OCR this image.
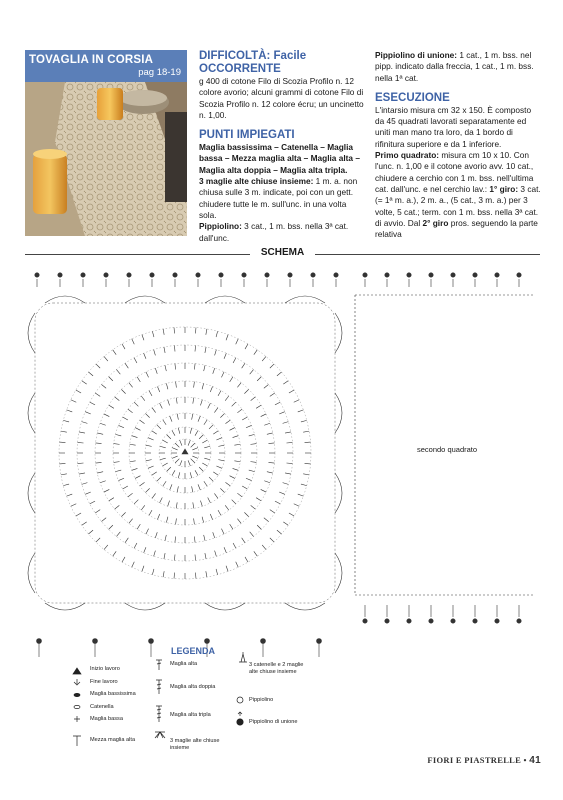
TOVAGLIA IN CORSIA
pag 18-19
DIFFICOLTÀ: Facile
OCCORRENTE

g 400 di cotone Filo di Scozia Profilo n. 12 colore avorio; alcuni grammi di cotone Filo di Scozia Profilo n. 12 colore écru; un uncinetto n. 1,00.

PUNTI IMPIEGATI

Maglia bassissima – Catenella – Maglia bassa – Mezza maglia alta – Maglia alta – Maglia alta doppia – Maglia alta tripla.

3 maglie alte chiuse insieme: 1 m. a. non chiusa sulle 3 m. indicate, poi con un gett. chiudere tutte le m. sull'unc. in una volta sola.

Pippiolino: 3 cat., 1 m. bss. nella 3ª cat. dall'unc.

Pippiolino di unione: 1 cat., 1 m. bss. nel pipp. indicato dalla freccia, 1 cat., 1 m. bss. nella 1ª cat.

ESECUZIONE

L'intarsio misura cm 32 x 150. È composto da 45 quadrati lavorati separatamente ed uniti man mano tra loro, da 1 bordo di rifinitura superiore e da 1 inferiore.

Primo quadrato: misura cm 10 x 10. Con l'unc. n. 1,00 e il cotone avorio avv. 10 cat., chiudere a cerchio con 1 m. bss. nell'ultima cat. dall'unc. e nel cerchio lav.: 1° giro: 3 cat. (= 1ª m. a.), 2 m. a., (5 cat., 3 m. a.) per 3 volte, 5 cat.; term. con 1 m. bss. nella 3ª cat. di avvio. Dal 2° giro pros. seguendo la parte relativa

SCHEMA
secondo quadrato
LEGENDA
Inizio lavoro
Fine lavoro
Maglia bassissima
Catenella
Maglia bassa
Mezza maglia alta
Maglia alta
Maglia alta doppia
Maglia alta tripla
3 maglie alte chiuse insieme
3 catenelle e 2 maglie alte chiuse insieme
Pippiolino
Pippiolino di unione
FIORI E PIASTRELLE • 41
